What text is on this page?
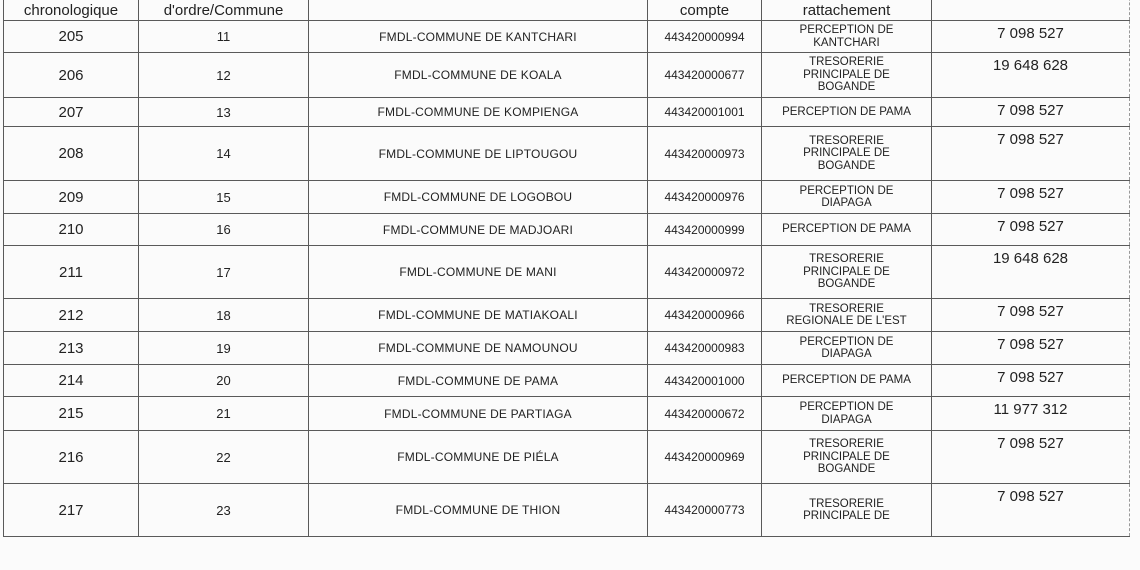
chronologique	d'ordre/Commune		compte	rattachement	
205	11	FMDL-COMMUNE DE KANTCHARI	443420000994	PERCEPTION DE
KANTCHARI	7 098 527
206	12	FMDL-COMMUNE DE KOALA	443420000677	TRESORERIE
PRINCIPALE DE
BOGANDE	19 648 628
207	13	FMDL-COMMUNE DE KOMPIENGA	443420001001	PERCEPTION DE PAMA	7 098 527
208	14	FMDL-COMMUNE DE LIPTOUGOU	443420000973	TRESORERIE
PRINCIPALE DE
BOGANDE	7 098 527
209	15	FMDL-COMMUNE DE LOGOBOU	443420000976	PERCEPTION DE
DIAPAGA	7 098 527
210	16	FMDL-COMMUNE DE MADJOARI	443420000999	PERCEPTION DE PAMA	7 098 527
211	17	FMDL-COMMUNE DE MANI	443420000972	TRESORERIE
PRINCIPALE DE
BOGANDE	19 648 628
212	18	FMDL-COMMUNE DE MATIAKOALI	443420000966	TRESORERIE
REGIONALE DE L'EST	7 098 527
213	19	FMDL-COMMUNE DE NAMOUNOU	443420000983	PERCEPTION DE
DIAPAGA	7 098 527
214	20	FMDL-COMMUNE DE PAMA	443420001000	PERCEPTION DE PAMA	7 098 527
215	21	FMDL-COMMUNE DE PARTIAGA	443420000672	PERCEPTION DE
DIAPAGA	11 977 312
216	22	FMDL-COMMUNE DE PIÉLA	443420000969	TRESORERIE
PRINCIPALE DE
BOGANDE	7 098 527
217	23	FMDL-COMMUNE DE THION	443420000773	TRESORERIE
PRINCIPALE DE	7 098 527
